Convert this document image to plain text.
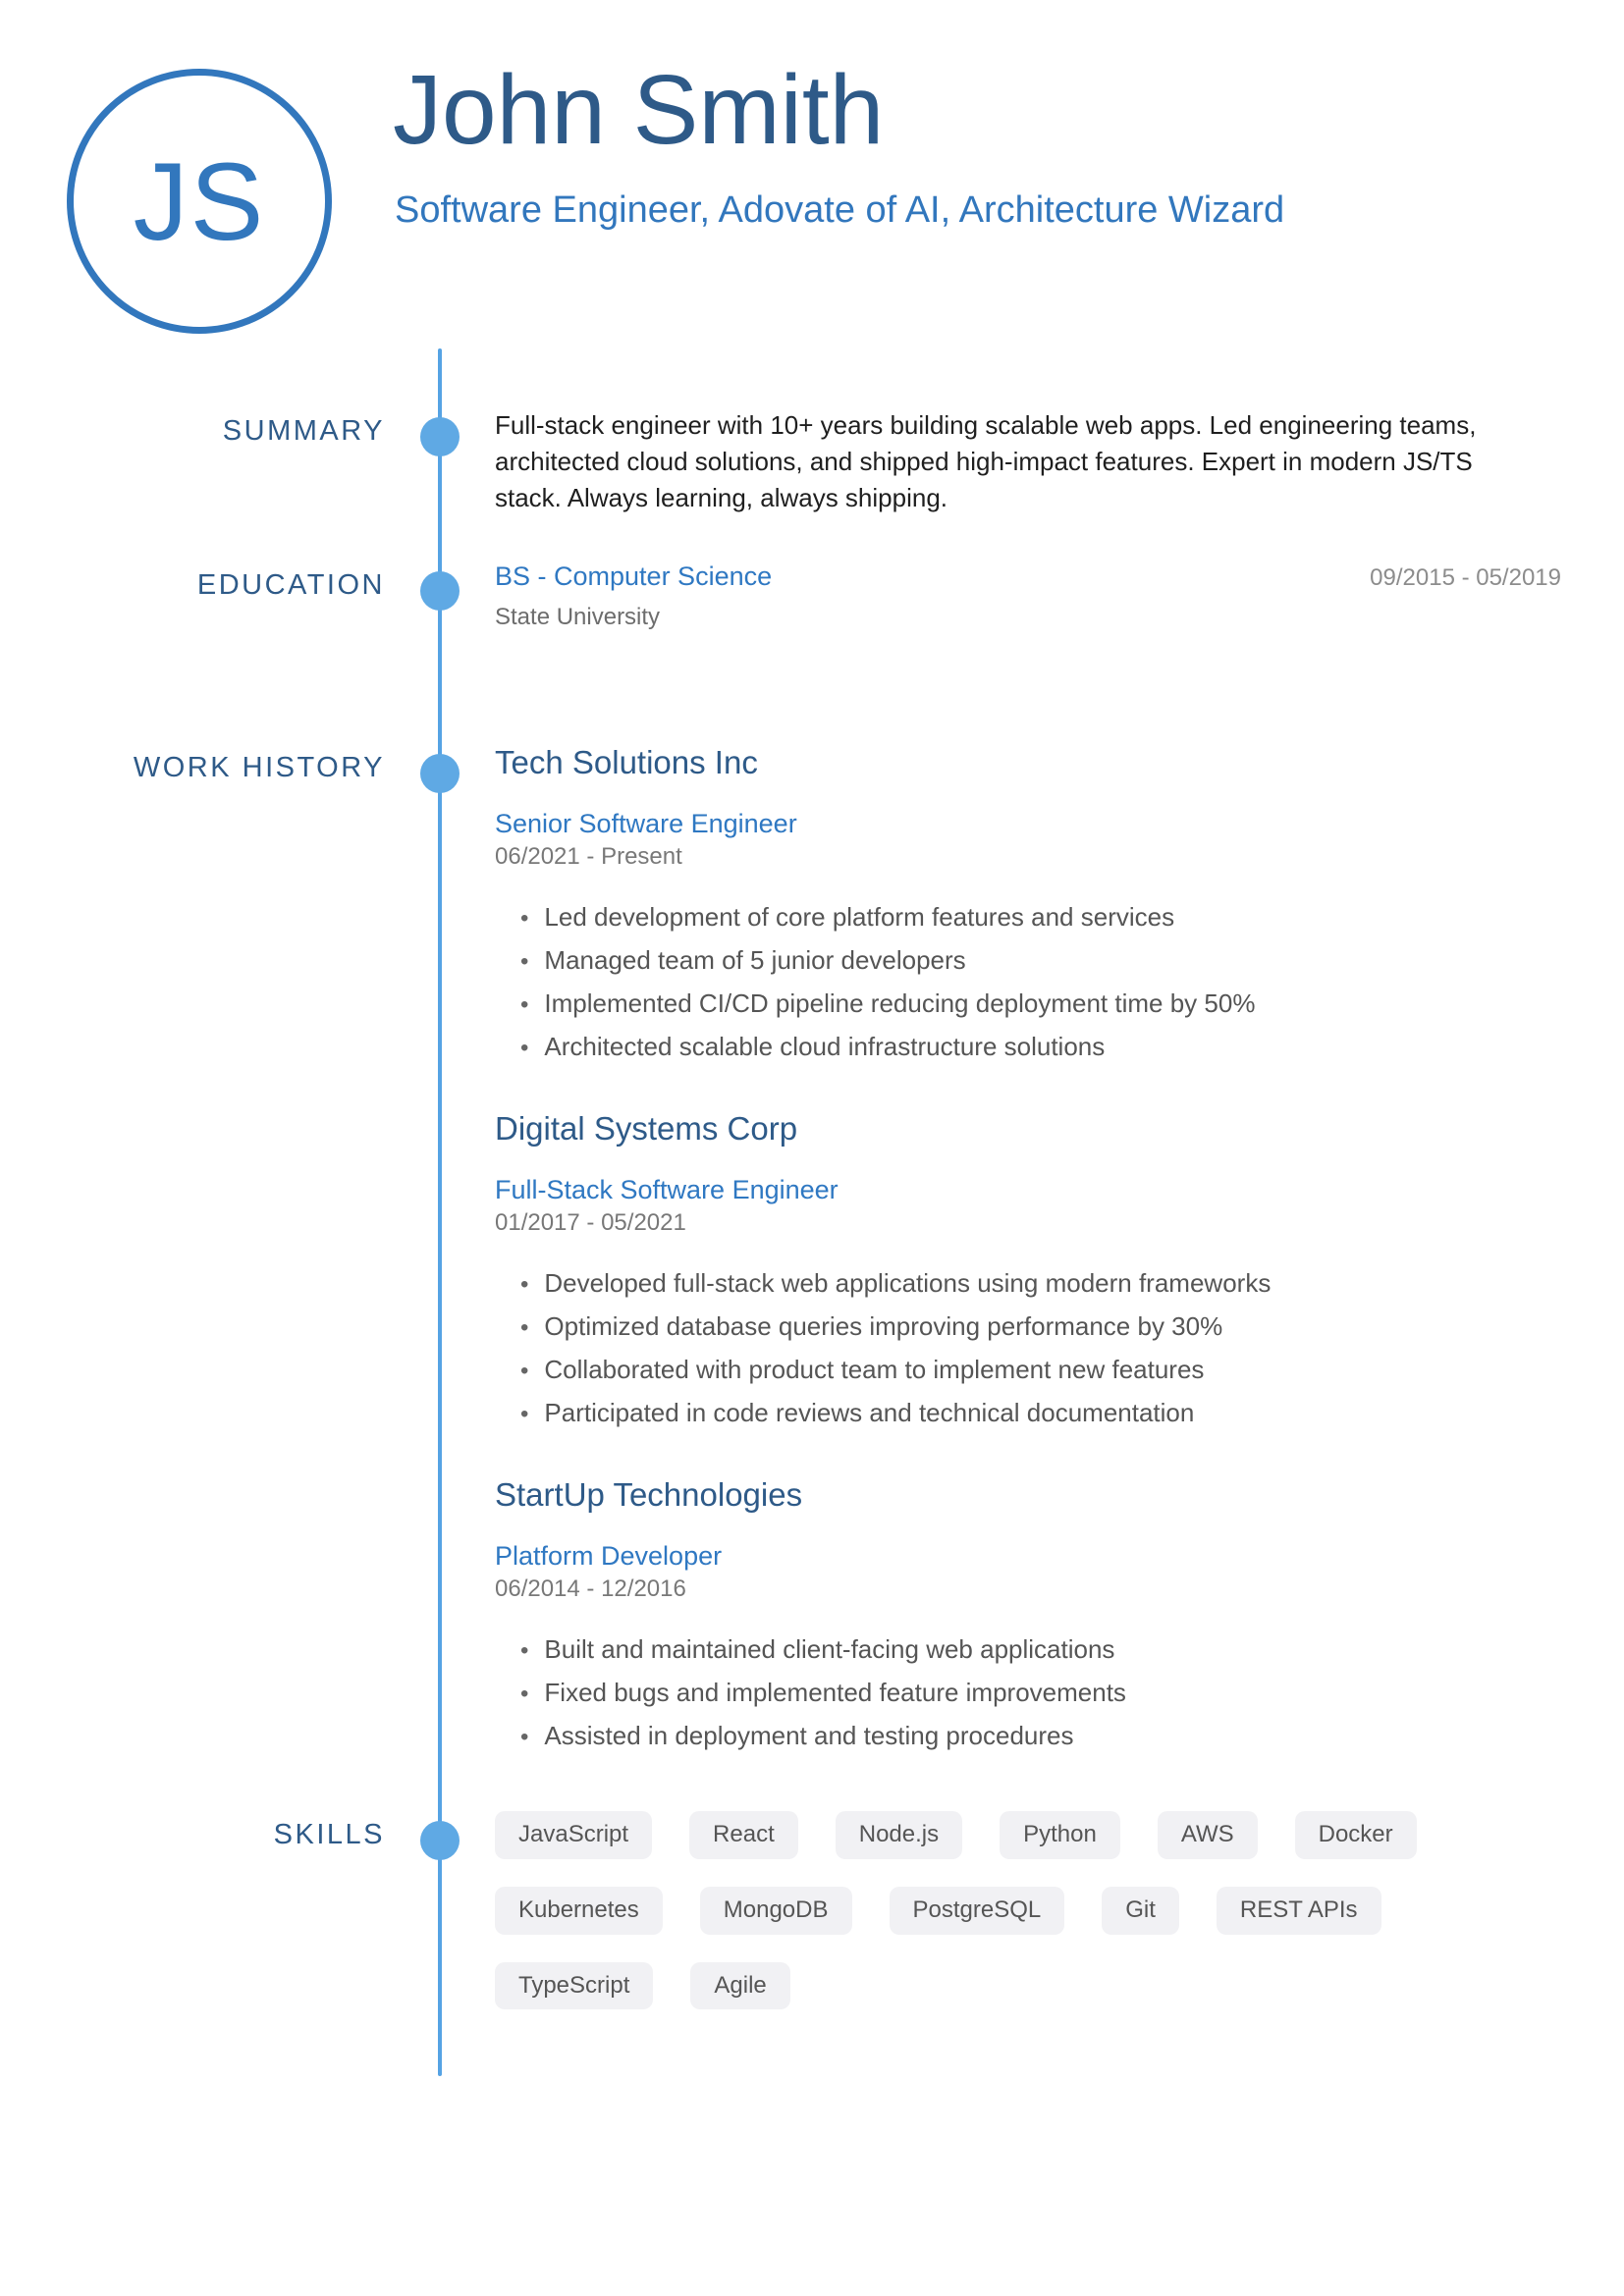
JS
John Smith
Software Engineer, Adovate of AI, Architecture Wizard
SUMMARY	Full-stack engineer with 10+ years building scalable web apps. Led engineering teams, architected cloud solutions, and shipped high-impact features. Expert in modern JS/TS stack. Always learning, always shipping.

EDUCATION	BS - Computer Science	09/2015 - 05/2019
State University
WORK HISTORY	Tech Solutions Inc
Senior Software Engineer
06/2021 - Present
• Led development of core platform features and services
• Managed team of 5 junior developers
• Implemented CI/CD pipeline reducing deployment time by 50%
• Architected scalable cloud infrastructure solutions
Digital Systems Corp
Full-Stack Software Engineer
01/2017 - 05/2021
• Developed full-stack web applications using modern frameworks
• Optimized database queries improving performance by 30%
• Collaborated with product team to implement new features
• Participated in code reviews and technical documentation
StartUp Technologies
Platform Developer
06/2014 - 12/2016
• Built and maintained client-facing web applications
• Fixed bugs and implemented feature improvements
• Assisted in deployment and testing procedures
SKILLS	JavaScript	React	Node.js	Python	AWS	Docker
Kubernetes	MongoDB	PostgreSQL	Git	REST APIs
TypeScript	Agile
